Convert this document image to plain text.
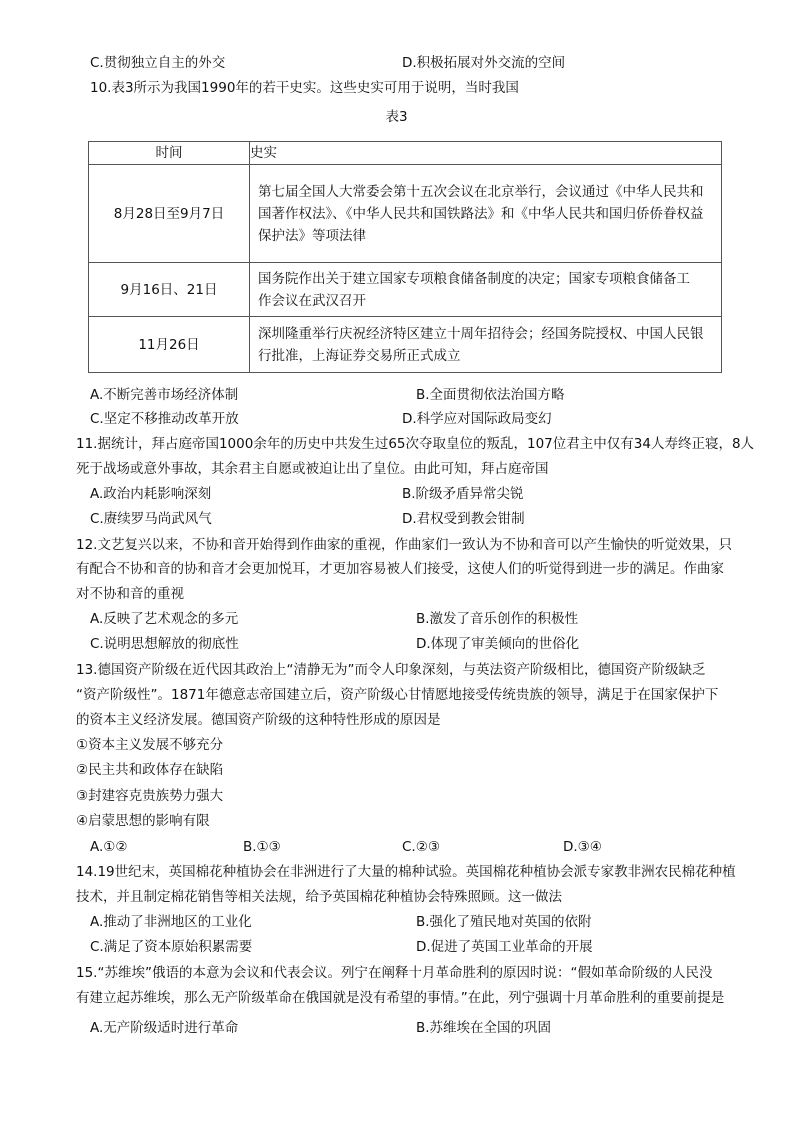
C.贯彻独立自主的外交	D.积极拓展对外交流的空间
10.表3所示为我国1990年的若干史实。这些史实可用于说明，当时我国
表3
时间	史实
8月28日至9月7日	第七届全国人大常委会第十五次会议在北京举行，会议通过《中华人民共和
国著作权法》、《中华人民共和国铁路法》和《中华人民共和国归侨侨眷权益
保护法》等项法律

9月16日、21日	国务院作出关于建立国家专项粮食储备制度的决定；国家专项粮食储备工
作会议在武汉召开

11月26日	深圳隆重举行庆祝经济特区建立十周年招待会；经国务院授权、中国人民银
行批准，上海证券交易所正式成立
A.不断完善市场经济体制	B.全面贯彻依法治国方略
C.坚定不移推动改革开放	D.科学应对国际政局变幻
11.据统计，拜占庭帝国1000余年的历史中共发生过65次夺取皇位的叛乱，107位君主中仅有34人寿终正寝，8人
死于战场或意外事故，其余君主自愿或被迫让出了皇位。由此可知，拜占庭帝国
A.政治内耗影响深刻	B.阶级矛盾异常尖锐
C.赓续罗马尚武风气	D.君权受到教会钳制
12.文艺复兴以来，不协和音开始得到作曲家的重视，作曲家们一致认为不协和音可以产生愉快的听觉效果，只
有配合不协和音的协和音才会更加悦耳，才更加容易被人们接受，这使人们的听觉得到进一步的满足。作曲家
对不协和音的重视
A.反映了艺术观念的多元	B.激发了音乐创作的积极性
C.说明思想解放的彻底性	D.体现了审美倾向的世俗化
13.德国资产阶级在近代因其政治上“清静无为”而令人印象深刻，与英法资产阶级相比，德国资产阶级缺乏
“资产阶级性”。1871年德意志帝国建立后，资产阶级心甘情愿地接受传统贵族的领导，满足于在国家保护下
的资本主义经济发展。德国资产阶级的这种特性形成的原因是
①资本主义发展不够充分
②民主共和政体存在缺陷
③封建容克贵族势力强大
④启蒙思想的影响有限
A.①②	B.①③	C.②③	D.③④
14.19世纪末，英国棉花种植协会在非洲进行了大量的棉种试验。英国棉花种植协会派专家教非洲农民棉花种植
技术，并且制定棉花销售等相关法规，给予英国棉花种植协会特殊照顾。这一做法
A.推动了非洲地区的工业化	B.强化了殖民地对英国的依附
C.满足了资本原始积累需要	D.促进了英国工业革命的开展
15.“苏维埃”俄语的本意为会议和代表会议。列宁在阐释十月革命胜利的原因时说：“假如革命阶级的人民没
有建立起苏维埃，那么无产阶级革命在俄国就是没有希望的事情。”在此，列宁强调十月革命胜利的重要前提是
A.无产阶级适时进行革命	B.苏维埃在全国的巩固
